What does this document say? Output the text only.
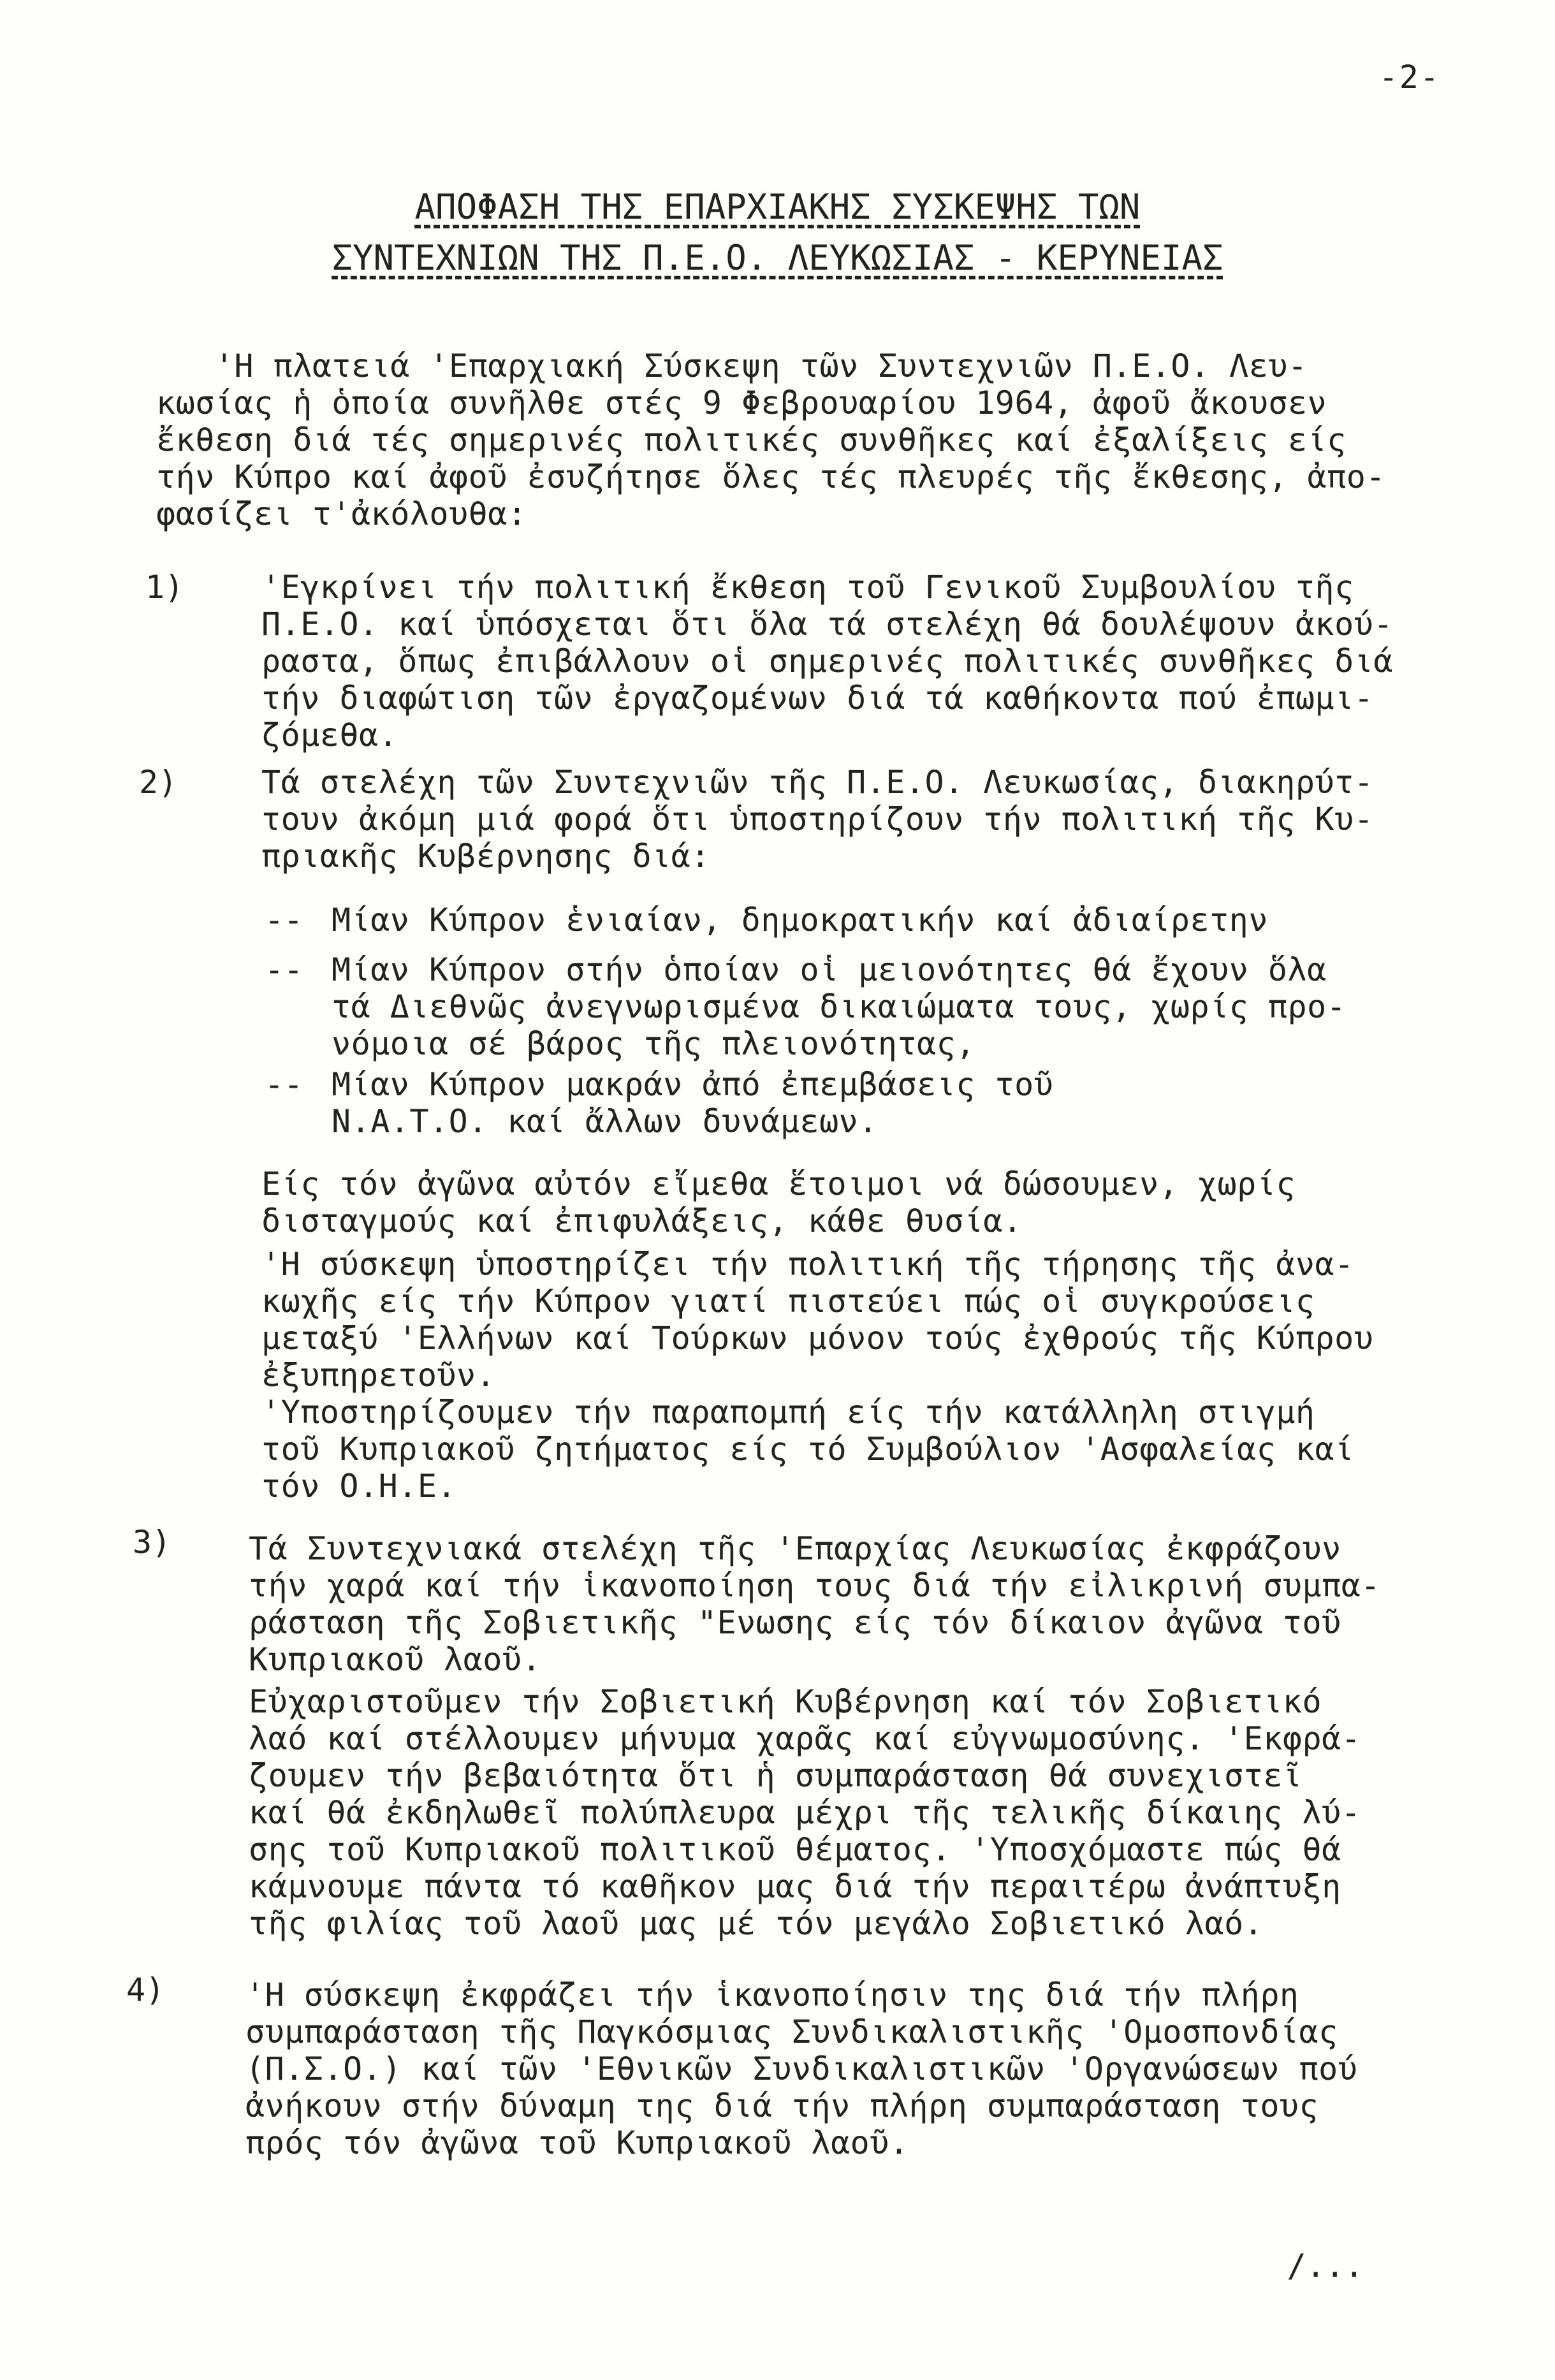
-2-
ΑΠΟΦΑΣΗ ΤΗΣ ΕΠΑΡΧΙΑΚΗΣ ΣΥΣΚΕΨΗΣ ΤΩΝ
ΣΥΝΤΕΧΝΙΩΝ ΤΗΣ Π.Ε.Ο. ΛΕΥΚΩΣΙΑΣ - ΚΕΡΥΝΕΙΑΣ
'Η πλατειά 'Επαρχιακή Σύσκεψη τῶν Συντεχνιῶν Π.Ε.Ο. Λευ-
κωσίας ἡ ὁποία συνῆλθε στές 9 Φεβρουαρίου 1964, ἀφοῦ ἄκουσεν
ἔκθεση διά τές σημερινές πολιτικές συνθῆκες καί ἐξαλίξεις είς
τήν Κύπρο καί ἀφοῦ ἐσυζήτησε ὅλες τές πλευρές τῆς ἔκθεσης, ἀπο-
φασίζει τ'ἀκόλουθα:
1) 'Εγκρίνει τήν πολιτική ἔκθεση τοῦ Γενικοῦ Συμβουλίου τῆς
Π.Ε.Ο. καί ὑπόσχεται ὅτι ὅλα τά στελέχη θά δουλέψουν ἀκού-
ραστα, ὅπως ἐπιβάλλουν οἱ σημερινές πολιτικές συνθῆκες διά
τήν διαφώτιση τῶν ἐργαζομένων διά τά καθήκοντα πού ἐπωμι-
ζόμεθα.
2)	Τά στελέχη τῶν Συντεχνιῶν τῆς Π.Ε.Ο. Λευκωσίας, διακηρύτ-
τουν ἀκόμη μιά φορά ὅτι ὑποστηρίζουν τήν πολιτική τῆς Κυ-
πριακῆς Κυβέρνησης διά:
-- Μίαν Κύπρον ἑνιαίαν, δημοκρατικήν καί ἀδιαίρετην
-- Μίαν Κύπρον στήν ὁποίαν οἱ μειονότητες θά ἔχουν ὅλα
τά Διεθνῶς ἀνεγνωρισμένα δικαιώματα τους, χωρίς προ-
νόμοια σέ βάρος τῆς πλειονότητας,
-- Μίαν Κύπρον μακράν ἀπό ἐπεμβάσεις τοῦ
N.A.T.O. καί ἄλλων δυνάμεων.
Είς τόν ἀγῶνα αὐτόν εἴμεθα ἕτοιμοι νά δώσουμεν, χωρίς
δισταγμούς καί ἐπιφυλάξεις, κάθε θυσία.
'Η σύσκεψη ὑποστηρίζει τήν πολιτική τῆς τήρησης τῆς ἀνα-
κωχῆς είς τήν Κύπρον γιατί πιστεύει πώς οἱ συγκρούσεις
μεταξύ 'Ελλήνων καί Τούρκων μόνον τούς ἐχθρούς τῆς Κύπρου
ἐξυπηρετοῦν.
'Υποστηρίζουμεν τήν παραπομπή είς τήν κατάλληλη στιγμή
τοῦ Κυπριακοῦ ζητήματος είς τό Συμβούλιον 'Ασφαλείας καί
τόν O.H.E.
3) Τά Συντεχνιακά στελέχη τῆς 'Επαρχίας Λευκωσίας ἐκφράζουν
τήν χαρά καί τήν ἱκανοποίηση τους διά τήν εἰλικρινή συμπα-
ράσταση τῆς Σοβιετικῆς "Ενωσης είς τόν δίκαιον ἀγῶνα τοῦ
Κυπριακοῦ λαοῦ.
Εὐχαριστοῦμεν τήν Σοβιετική Κυβέρνηση καί τόν Σοβιετικό
λαό καί στέλλουμεν μήνυμα χαρᾶς καί εὐγνωμοσύνης. 'Εκφρά-
ζουμεν τήν βεβαιότητα ὅτι ἡ συμπαράσταση θά συνεχιστεῖ
καί θά ἐκδηλωθεῖ πολύπλευρα μέχρι τῆς τελικῆς δίκαιης λύ-
σης τοῦ Κυπριακοῦ πολιτικοῦ θέματος. 'Υποσχόμαστε πώς θά
κάμνουμε πάντα τό καθῆκον μας διά τήν περαιτέρω ἀνάπτυξη
τῆς φιλίας τοῦ λαοῦ μας μέ τόν μεγάλο Σοβιετικό λαό.
4)	'Η σύσκεψη ἐκφράζει τήν ἱκανοποίησιν της διά τήν πλήρη
συμπαράσταση τῆς Παγκόσμιας Συνδικαλιστικῆς 'Ομοσπονδίας
(Π.Σ.Ο.) καί τῶν 'Εθνικῶν Συνδικαλιστικῶν 'Οργανώσεων πού
ἀνήκουν στήν δύναμη της διά τήν πλήρη συμπαράσταση τους
πρός τόν ἀγῶνα τοῦ Κυπριακοῦ λαοῦ.
/...
